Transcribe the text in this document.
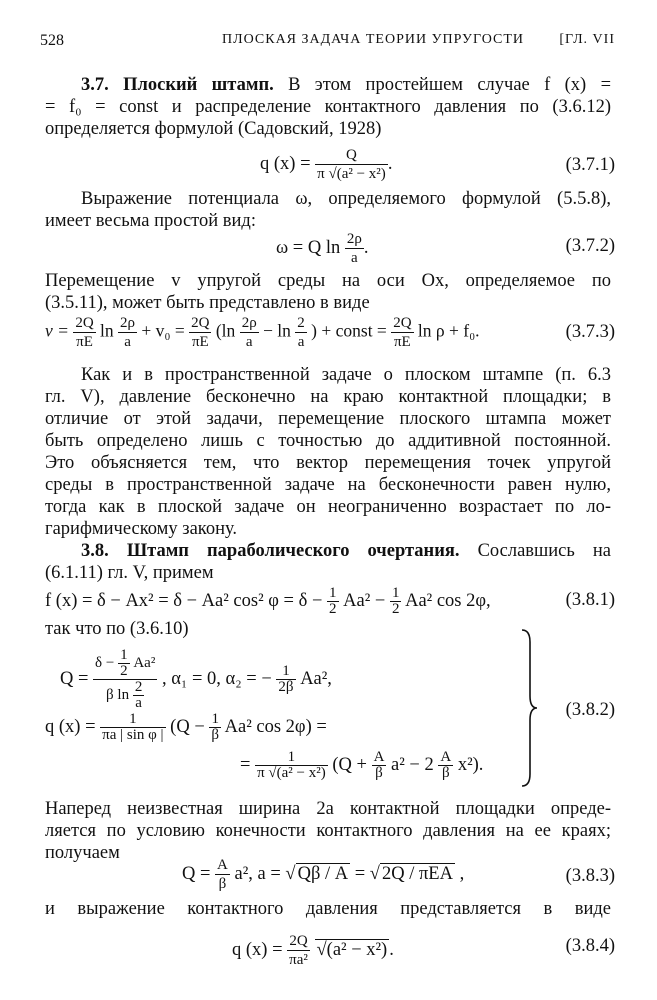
528	ПЛОСКАЯ ЗАДАЧА ТЕОРИИ УПРУГОСТИ	[ГЛ. VII
3.7. Плоский штамп. В этом простейшем случае f (x) =
= f₀ = const и распределение контактного давления по (3.6.12)
определяется формулой (Садовский, 1928)
q $(x) = \frac{Q}{\text{π √(a² − x²)}}$ .	(3.7.1)
Выражение потенциала ω, определяемого формулой (5.5.8),
имеет весьма простой вид:
ω = Q $\ln \frac{2\rho}{a}$ .	(3.7.2)
Перемещение v упругой среды на оси Ox, определяемое по
(3.5.11), может быть представлено в виде
$v = \frac{2Q}{\pi E}$ $\ln \frac{2\rho}{a} + v_0 = \frac{2Q}{\pi E} (\ln \frac{2\rho}{a} - \ln \frac{2}{a}$ ) + const = $\frac{2Q}{\pi E}$ ln ρ + f₀.	(3.7.3)
Как и в пространственной задаче о плоском штампе (п. 6.3
гл. V), давление бесконечно на краю контактной площадки; в
отличие от этой задачи, перемещение плоского штампа может
быть определено лишь с точностью до аддитивной постоянной.
Это объясняется тем, что вектор перемещения точек упругой
среды в пространственной задаче на бесконечности равен нулю,
тогда как в плоской задаче он неограниченно возрастает по ло-
гарифмическому закону.
3.8. Штамп параболического очертания. Сославшись на
(6.1.11) гл. V, примем
f (x) = δ − Ax² = δ − Aa² cos² $\varphi = \delta - \frac{1}{2} Aa^2 - \frac{1}{2} Aa^2$ cos 2φ,	(3.8.1)
так что по (3.6.10)
$Q = \frac{\delta - \frac{1}{2} Aa^2}{\beta \ln \frac{2}{a}}$ , α₁ = 0, α₂ = − $\frac{1}{2\beta} Aa^2$,
q $(x) = \frac{1}{\text{πa | sin φ |}} (Q - \frac{1}{\beta} Aa^2$ cos 2φ) =
= $\frac{1}{\text{π √(a² − x²)}} (Q + \frac{A}{\beta} a^2 - 2 \frac{A}{\beta} x^2)$.
(3.8.2)
Наперед неизвестная ширина 2a контактной площадки опреде-
ляется по условию конечности контактного давления на ее краях;
получаем
$Q = \frac{A}{\beta} a^2$, a = √ Qβ / A = √ 2Q / πEA ,	(3.8.3)
и выражение контактного давления представляется в виде
q $(x) = \frac{2Q}{\text{πa²}} √(a^2 - x^2)$ .	(3.8.4)
